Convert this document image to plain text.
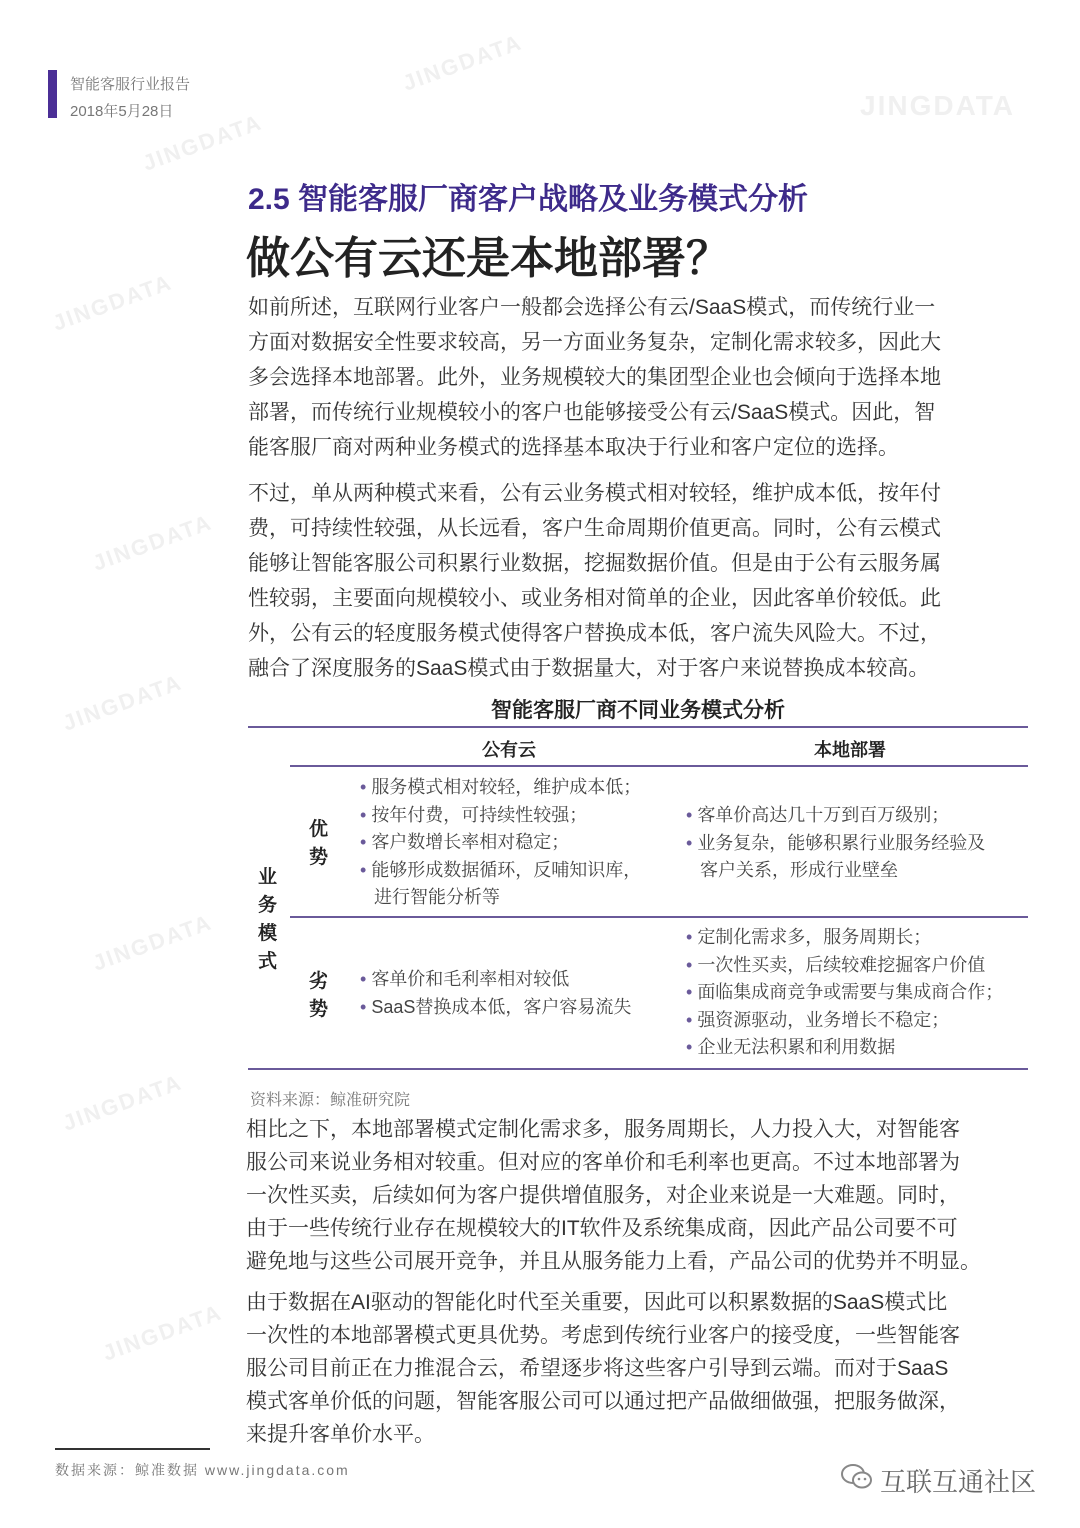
智能客服行业报告
2018年5月28日
JINGDATA
JINGDATA
JINGDATA
JINGDATA
JINGDATA
JINGDATA
JINGDATA
JINGDATA
JINGDATA
2.5 智能客服厂商客户战略及业务模式分析
做公有云还是本地部署？
如前所述，互联网行业客户一般都会选择公有云/SaaS模式，而传统行业一
方面对数据安全性要求较高，另一方面业务复杂，定制化需求较多，因此大
多会选择本地部署。此外，业务规模较大的集团型企业也会倾向于选择本地
部署，而传统行业规模较小的客户也能够接受公有云/SaaS模式。因此，智
能客服厂商对两种业务模式的选择基本取决于行业和客户定位的选择。
不过，单从两种模式来看，公有云业务模式相对较轻，维护成本低，按年付
费，可持续性较强，从长远看，客户生命周期价值更高。同时，公有云模式
能够让智能客服公司积累行业数据，挖掘数据价值。但是由于公有云服务属
性较弱，主要面向规模较小、或业务相对简单的企业，因此客单价较低。此
外，公有云的轻度服务模式使得客户替换成本低，客户流失风险大。不过，
融合了深度服务的SaaS模式由于数据量大，对于客户来说替换成本较高。
智能客服厂商不同业务模式分析
公有云	本地部署
业务模式
优势
劣势
• 服务模式相对较轻，维护成本低；
• 按年付费，可持续性较强；
• 客户数增长率相对稳定；
• 能够形成数据循环，反哺知识库，
进行智能分析等
• 客单价高达几十万到百万级别；
• 业务复杂，能够积累行业服务经验及
客户关系，形成行业壁垒
• 客单价和毛利率相对较低
• SaaS替换成本低，客户容易流失
• 定制化需求多，服务周期长；
• 一次性买卖，后续较难挖掘客户价值
• 面临集成商竞争或需要与集成商合作；
• 强资源驱动，业务增长不稳定；
• 企业无法积累和利用数据
资料来源：鲸准研究院
相比之下，本地部署模式定制化需求多，服务周期长，人力投入大，对智能客
服公司来说业务相对较重。但对应的客单价和毛利率也更高。不过本地部署为
一次性买卖，后续如何为客户提供增值服务，对企业来说是一大难题。同时，
由于一些传统行业存在规模较大的IT软件及系统集成商，因此产品公司要不可
避免地与这些公司展开竞争，并且从服务能力上看，产品公司的优势并不明显。
由于数据在AI驱动的智能化时代至关重要，因此可以积累数据的SaaS模式比
一次性的本地部署模式更具优势。考虑到传统行业客户的接受度，一些智能客
服公司目前正在力推混合云，希望逐步将这些客户引导到云端。而对于SaaS
模式客单价低的问题，智能客服公司可以通过把产品做细做强，把服务做深，
来提升客单价水平。
数据来源：鲸准数据 www.jingdata.com	互联互通社区
